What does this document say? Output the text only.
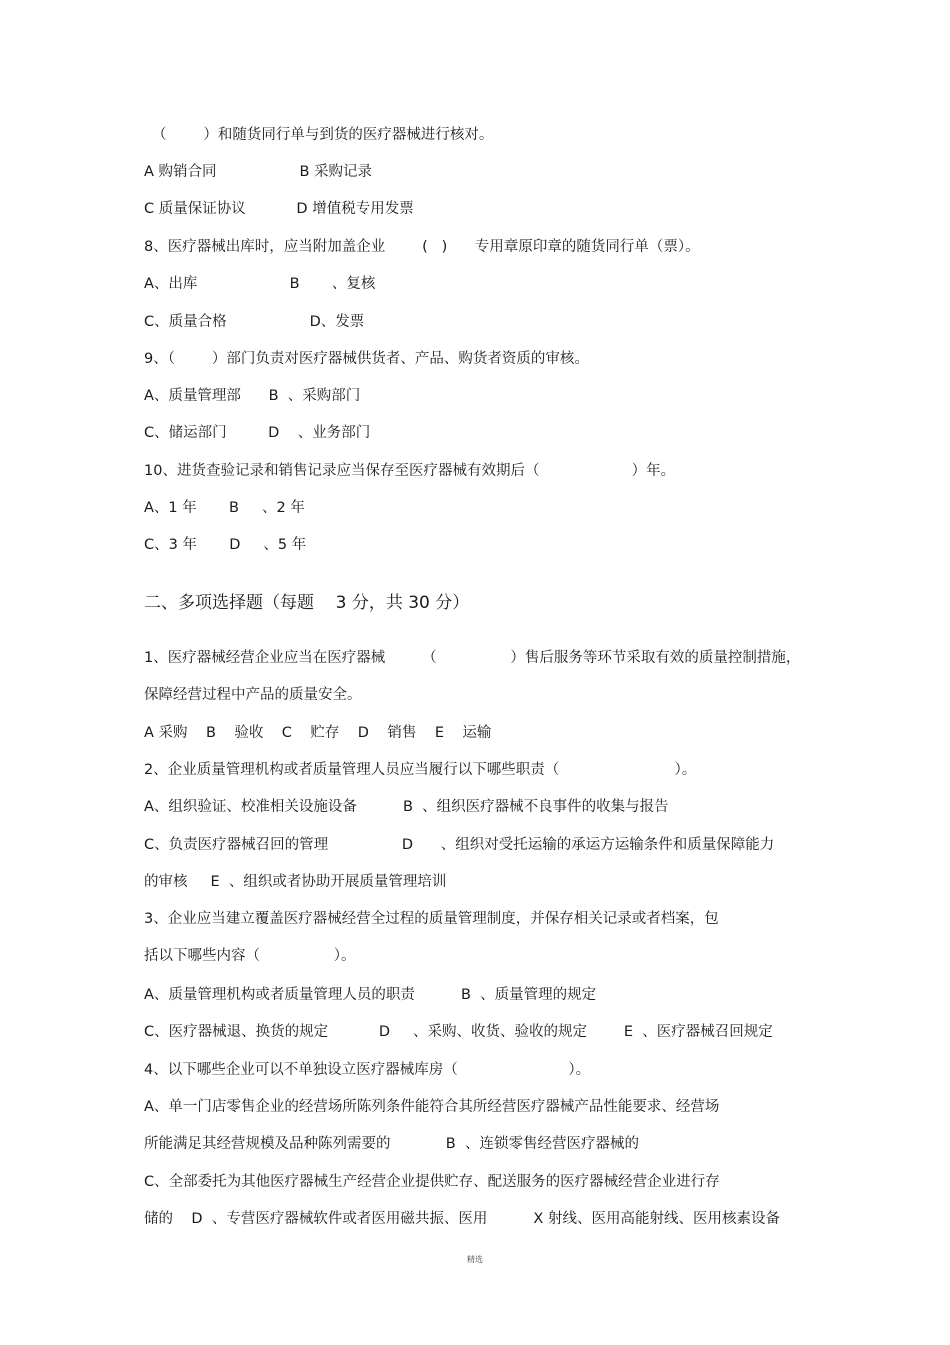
（        ）和随货同行单与到货的医疗器械进行核对。
A 购销合同                  B 采购记录
C 质量保证协议           D 增值税专用发票
8、医疗器械出库时，应当附加盖企业        (   )      专用章原印章的随货同行单（票）。
A、出库                    B       、复核
C、质量合格                  D、发票
9、（        ）部门负责对医疗器械供货者、产品、购货者资质的审核。
A、质量管理部      B  、采购部门
C、储运部门         D    、业务部门
10、进货查验记录和销售记录应当保存至医疗器械有效期后（                    ）年。
A、1 年       B     、2 年
C、3 年       D     、5 年
二、多项选择题（每题    3 分，共 30 分）
1、医疗器械经营企业应当在医疗器械        （                ）售后服务等环节采取有效的质量控制措施，
保障经营过程中产品的质量安全。
A 采购    B    验收    C    贮存    D    销售    E    运输
2、企业质量管理机构或者质量管理人员应当履行以下哪些职责（                         ）。
A、组织验证、校准相关设施设备          B  、组织医疗器械不良事件的收集与报告
C、负责医疗器械召回的管理                D      、组织对受托运输的承运方运输条件和质量保障能力
的审核     E  、组织或者协助开展质量管理培训
3、企业应当建立覆盖医疗器械经营全过程的质量管理制度，并保存相关记录或者档案，包
括以下哪些内容（                ）。
A、质量管理机构或者质量管理人员的职责          B  、质量管理的规定
C、医疗器械退、换货的规定           D     、采购、收货、验收的规定        E  、医疗器械召回规定
4、以下哪些企业可以不单独设立医疗器械库房（                        ）。
A、单一门店零售企业的经营场所陈列条件能符合其所经营医疗器械产品性能要求、经营场
所能满足其经营规模及品种陈列需要的            B  、连锁零售经营医疗器械的
C、全部委托为其他医疗器械生产经营企业提供贮存、配送服务的医疗器械经营企业进行存
储的    D  、专营医疗器械软件或者医用磁共振、医用          X 射线、医用高能射线、医用核素设备
精选
